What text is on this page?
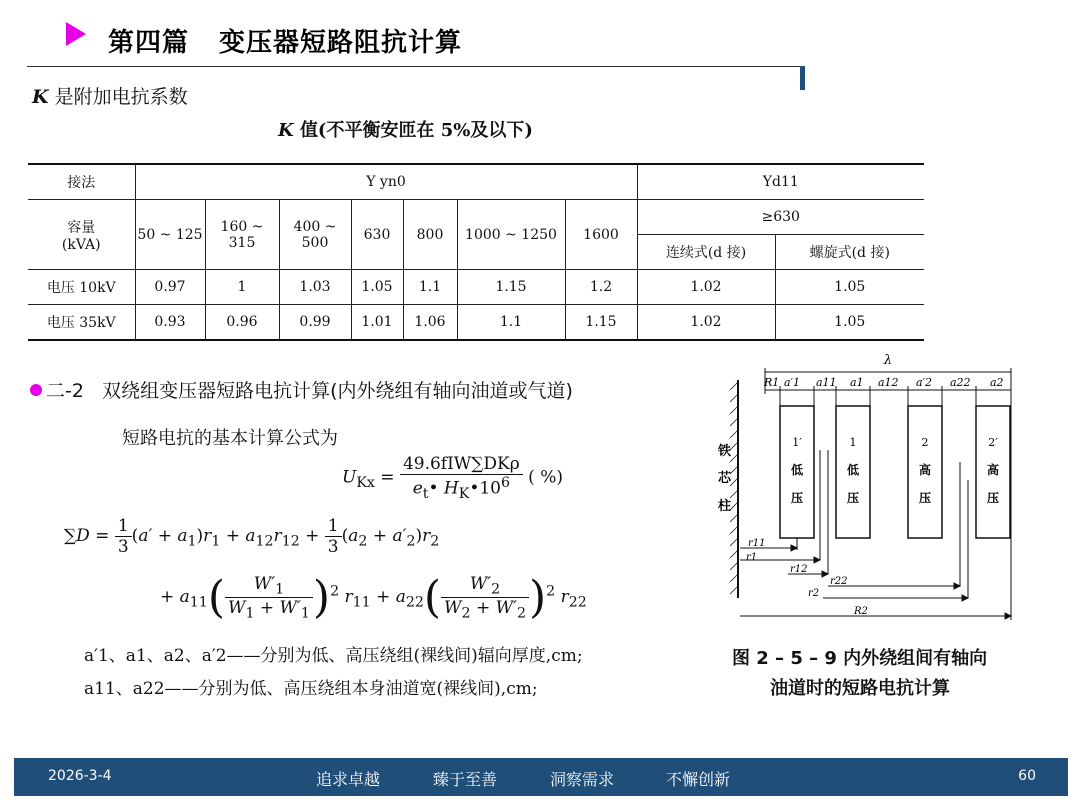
第四篇 变压器短路阻抗计算
K 是附加电抗系数
K 值(不平衡安匝在 5%及以下)
接法	Y yn0							Yd11	

容量
(kVA)	50 ~ 125	160 ~ 315	400 ~ 500	630	800	1000 ~ 1250	1600	≥630	
								连续式(d 接)	螺旋式(d 接)
电压 10kV	0.97	1	1.03	1.05	1.1	1.15	1.2	1.02	1.05
电压 35kV	0.93	0.96	0.99	1.01	1.06	1.1	1.15	1.02	1.05
二-2 双绕组变压器短路电抗计算(内外绕组有轴向油道或气道)
短路电抗的基本计算公式为
$U_{Kx} = \frac{\text{49.6fIW∑DKρ}}{e_t• H_K•10^6}$ ( %)
$\sum D = \frac{1}{3} (a' + a_1)r_1 + a_{12}r_{12} + \frac{1}{3} (a_2 + a'_2)r_2$
+ $a_{11}( \frac{W'_1}{W_1 + W'_1} )^2$ $r_{11} + a_{22}( \frac{W'_2}{W_2 + W'_2} )^2$ $r_{22}$
a′1、a1、a2、a′2——分别为低、高压绕组(裸线间)辐向厚度,cm;
a11、a22——分别为低、高压绕组本身油道宽(裸线间),cm;
λ
R1 a′1 a11 a1 a12 a′2 a22 a2
铁
芯
柱
1′
低
压
1
低
压
2
高
压
2′
高
压
r11
r1
r12
r22
r2
R2
图 2 – 5 – 9 内外绕组间有轴向
油道时的短路电抗计算
2026-3-4	追求卓越	臻于至善	洞察需求	不懈创新	60
